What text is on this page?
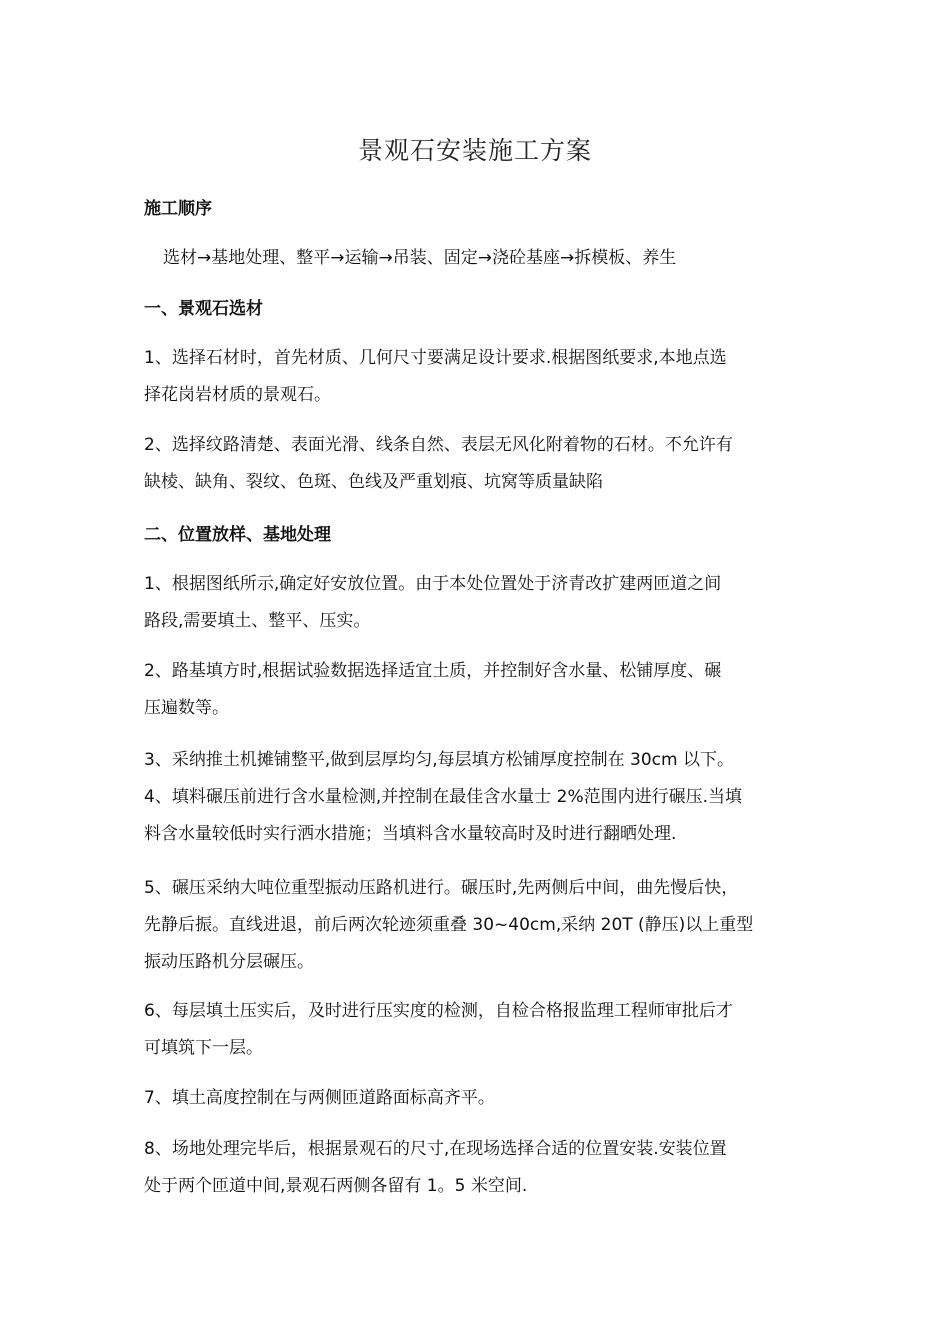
景观石安装施工方案
施工顺序
选材→基地处理、整平→运输→吊装、固定→浇砼基座→拆模板、养生
一、景观石选材
1、选择石材时，首先材质、几何尺寸要满足设计要求.根据图纸要求,本地点选
择花岗岩材质的景观石。
2、选择纹路清楚、表面光滑、线条自然、表层无风化附着物的石材。不允许有
缺棱、缺角、裂纹、色斑、色线及严重划痕、坑窝等质量缺陷
二、位置放样、基地处理
1、根据图纸所示,确定好安放位置。由于本处位置处于济青改扩建两匝道之间
路段,需要填土、整平、压实。
2、路基填方时,根据试验数据选择适宜土质，并控制好含水量、松铺厚度、碾
压遍数等。
3、采纳推土机摊铺整平,做到层厚均匀,每层填方松铺厚度控制在 30cm 以下。
4、填料碾压前进行含水量检测,并控制在最佳含水量士 2%范围内进行碾压.当填
料含水量较低时实行洒水措施；当填料含水量较高时及时进行翻晒处理.
5、碾压采纳大吨位重型振动压路机进行。碾压时,先两侧后中间，曲先慢后快，
先静后振。直线进退，前后两次轮迹须重叠 30~40cm,采纳 20T (静压)以上重型
振动压路机分层碾压。
6、每层填土压实后，及时进行压实度的检测，自检合格报监理工程师审批后才
可填筑下一层。
7、填土高度控制在与两侧匝道路面标高齐平。
8、场地处理完毕后，根据景观石的尺寸,在现场选择合适的位置安装.安装位置
处于两个匝道中间,景观石两侧各留有 1。5 米空间.
